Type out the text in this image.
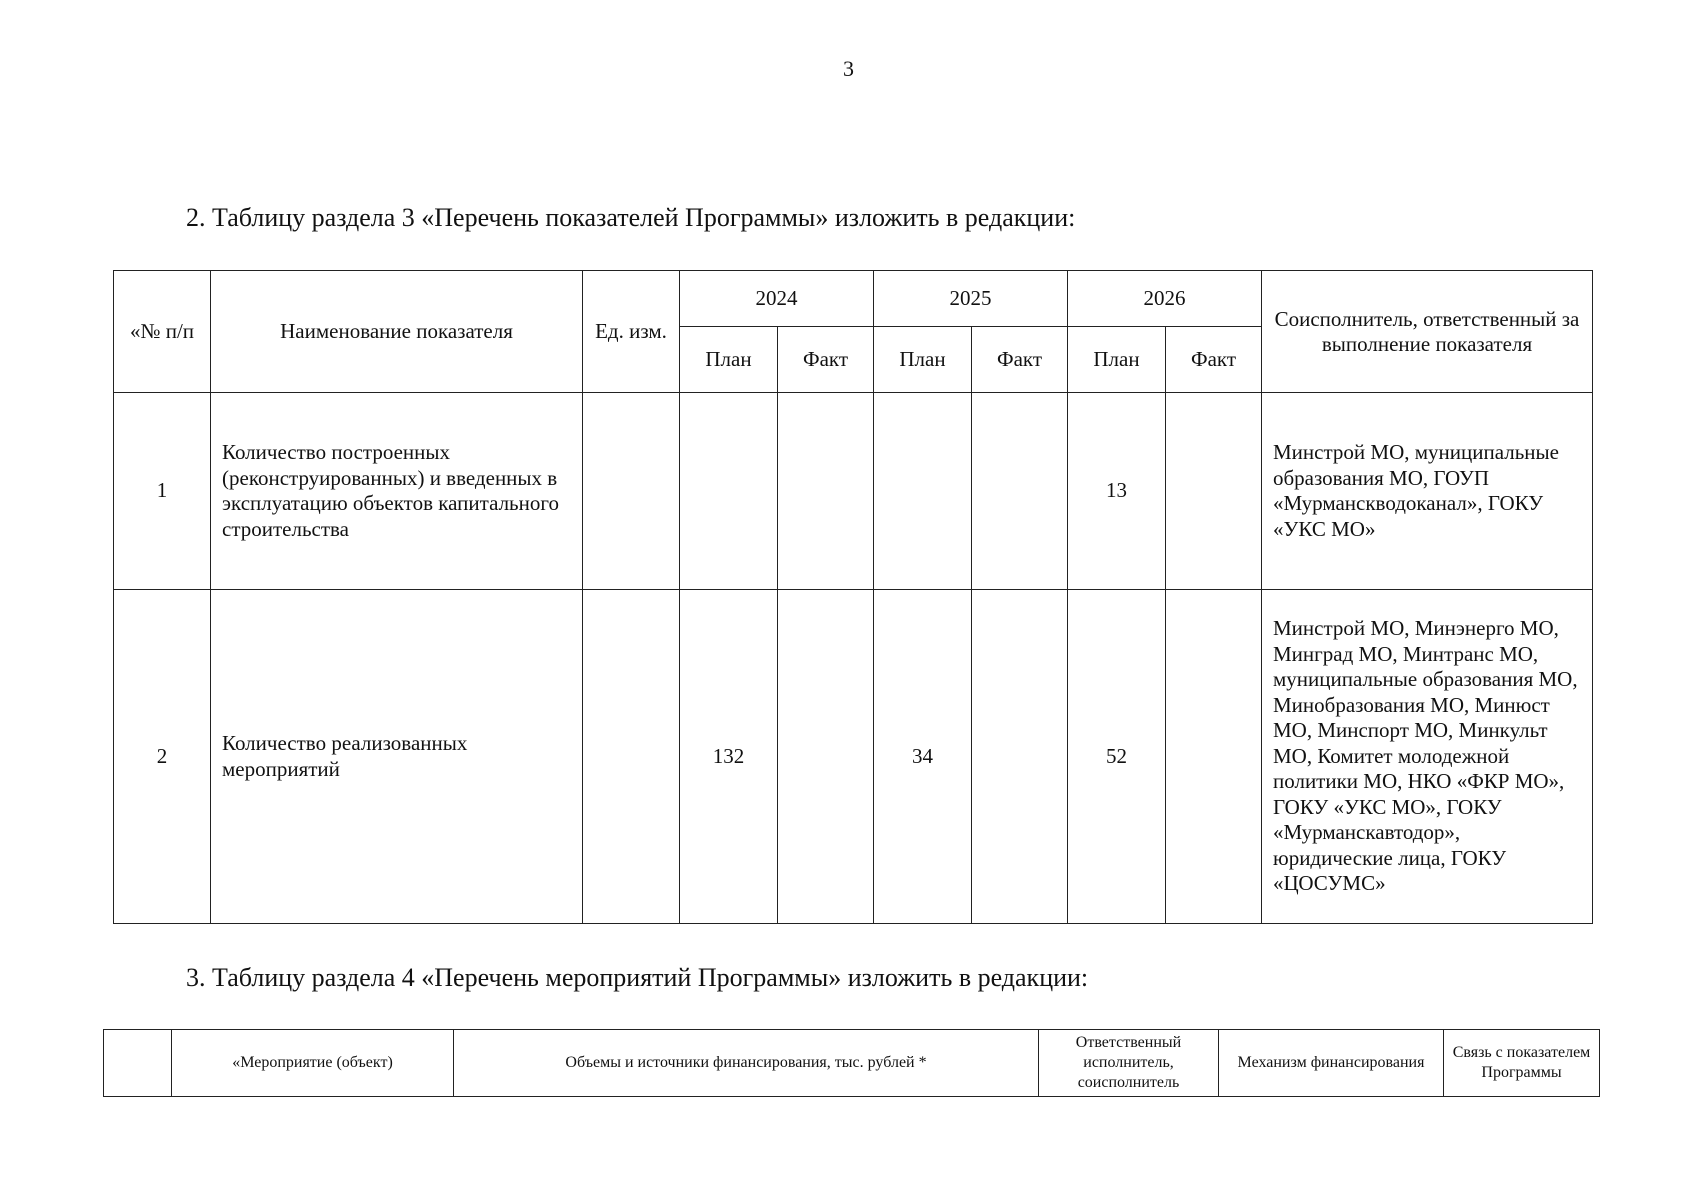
3
2. Таблицу раздела 3 «Перечень показателей Программы» изложить в редакции:
«№ п/п	Наименование показателя	Ед. изм.	2024		2025		2026		Соисполнитель, ответственный за выполнение показателя
			План	Факт	План	Факт	План	Факт	
1	Количество построенных (реконструированных) и введенных в эксплуатацию объектов капитального строительства						13		Минстрой МО, муниципальные образования МО, ГОУП «Мурманскводоканал», ГОКУ «УКС МО»
2	Количество реализованных мероприятий		132		34		52		Минстрой МО, Минэнерго МО, Минград МО, Минтранс МО, муниципальные образования МО, Минобразования МО, Минюст МО, Минспорт МО, Минкульт МО, Комитет молодежной политики МО, НКО «ФКР МО», ГОКУ «УКС МО», ГОКУ «Мурманскавтодор», юридические лица, ГОКУ «ЦОСУМС»
3. Таблицу раздела 4 «Перечень мероприятий Программы» изложить в редакции:
	«Мероприятие (объект)	Объемы и источники финансирования, тыс. рублей *	Ответственный исполнитель, соисполнитель	Механизм финансирования	Связь с показателем Программы
